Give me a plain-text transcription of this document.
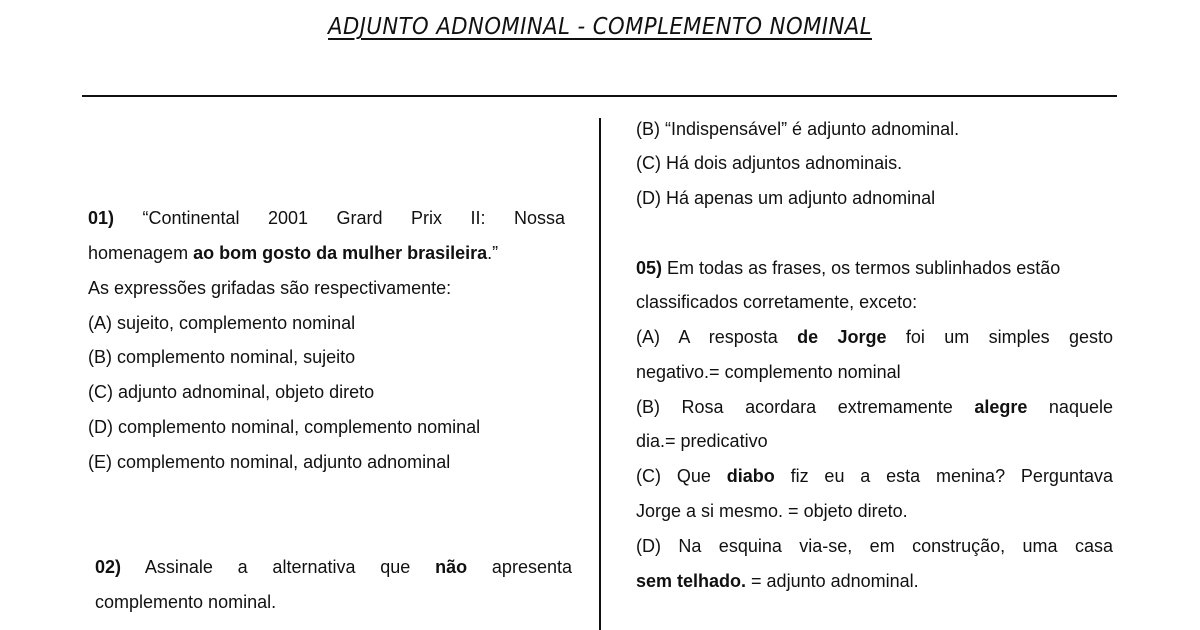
ADJUNTO ADNOMINAL - COMPLEMENTO NOMINAL
01) “Continental 2001 Grard Prix II: Nossa
homenagem ao bom gosto da mulher brasileira.”
As expressões grifadas são respectivamente:
(A) sujeito, complemento nominal
(B) complemento nominal, sujeito
(C) adjunto adnominal, objeto direto
(D) complemento nominal, complemento nominal
(E) complemento nominal, adjunto adnominal
02) Assinale a alternativa que não apresenta
complemento nominal.
(B) “Indispensável” é adjunto adnominal.
(C) Há dois adjuntos adnominais.
(D) Há apenas um adjunto adnominal
05) Em todas as frases, os termos sublinhados estão
classificados corretamente, exceto:
(A) A resposta de Jorge foi um simples gesto
negativo.= complemento nominal
(B) Rosa acordara extremamente alegre naquele
dia.= predicativo
(C) Que diabo fiz eu a esta menina? Perguntava
Jorge a si mesmo. = objeto direto.
(D) Na esquina via-se, em construção, uma casa
sem telhado. = adjunto adnominal.
